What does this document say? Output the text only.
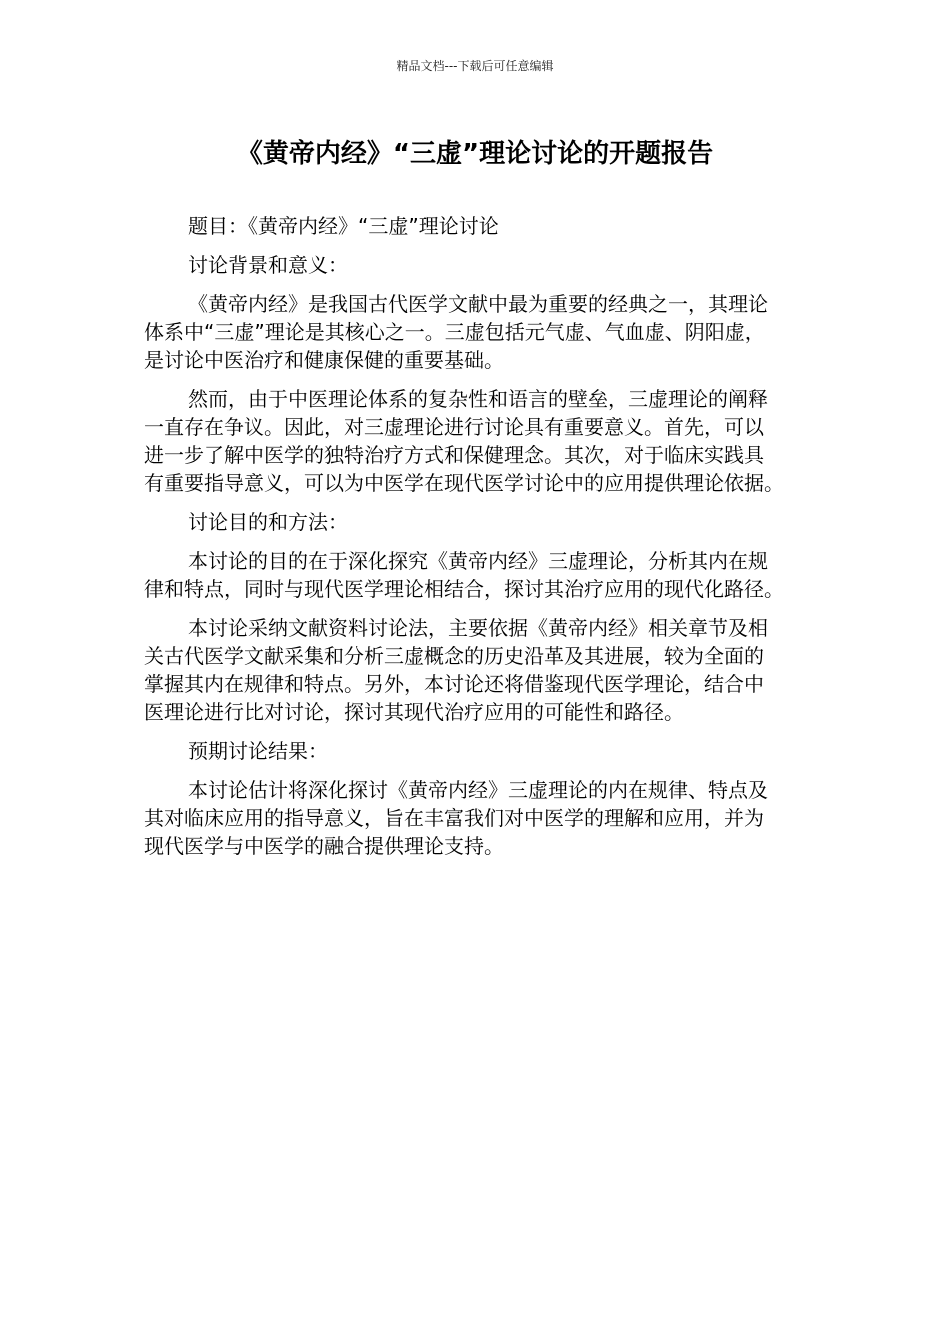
精品文档---下载后可任意编辑
《黄帝内经》“三虚”理论讨论的开题报告

题目：《黄帝内经》“三虚”理论讨论

讨论背景和意义：

《黄帝内经》是我国古代医学文献中最为重要的经典之一，其理论

体系中“三虚”理论是其核心之一。三虚包括元气虚、气血虚、阴阳虚，

是讨论中医治疗和健康保健的重要基础。

然而，由于中医理论体系的复杂性和语言的壁垒，三虚理论的阐释

一直存在争议。因此，对三虚理论进行讨论具有重要意义。首先，可以

进一步了解中医学的独特治疗方式和保健理念。其次，对于临床实践具

有重要指导意义，可以为中医学在现代医学讨论中的应用提供理论依据。

讨论目的和方法：

本讨论的目的在于深化探究《黄帝内经》三虚理论，分析其内在规

律和特点，同时与现代医学理论相结合，探讨其治疗应用的现代化路径。

本讨论采纳文献资料讨论法，主要依据《黄帝内经》相关章节及相

关古代医学文献采集和分析三虚概念的历史沿革及其进展，较为全面的

掌握其内在规律和特点。另外，本讨论还将借鉴现代医学理论，结合中

医理论进行比对讨论，探讨其现代治疗应用的可能性和路径。

预期讨论结果：

本讨论估计将深化探讨《黄帝内经》三虚理论的内在规律、特点及

其对临床应用的指导意义，旨在丰富我们对中医学的理解和应用，并为

现代医学与中医学的融合提供理论支持。
